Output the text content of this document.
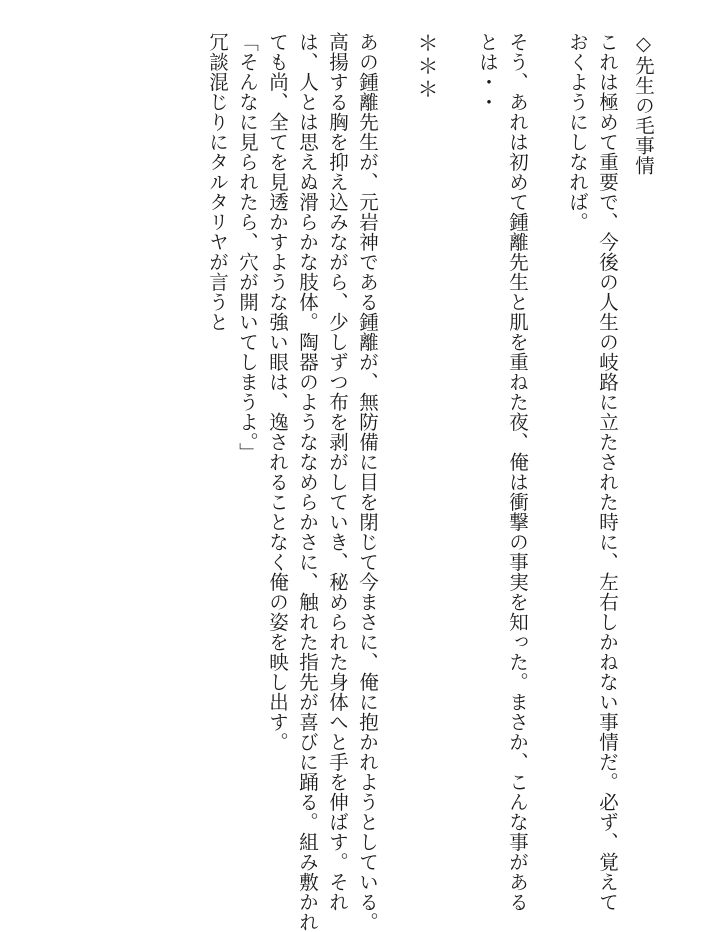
◇先生の毛事情
これは極めて重要で、今後の人生の岐路に立たされた時に、左右しかねない事情だ。必ず、覚えて
おくようにしなれば。
そう、あれは初めて鍾離先生と肌を重ねた夜、俺は衝撃の事実を知った。まさか、こんな事がある
とは・・
＊＊＊
あの鍾離先生が、元岩神である鍾離が、無防備に目を閉じて今まさに、俺に抱かれようとしている。
高揚する胸を抑え込みながら、少しずつ布を剥がしていき、秘められた身体へと手を伸ばす。それ
は、人とは思えぬ滑らかな肢体。陶器のようななめらかさに、触れた指先が喜びに踊る。組み敷かれ
ても尚、全てを見透かすような強い眼は、逸されることなく俺の姿を映し出す。
「そんなに見られたら、穴が開いてしまうよ。」
冗談混じりにタルタリヤが言うと
